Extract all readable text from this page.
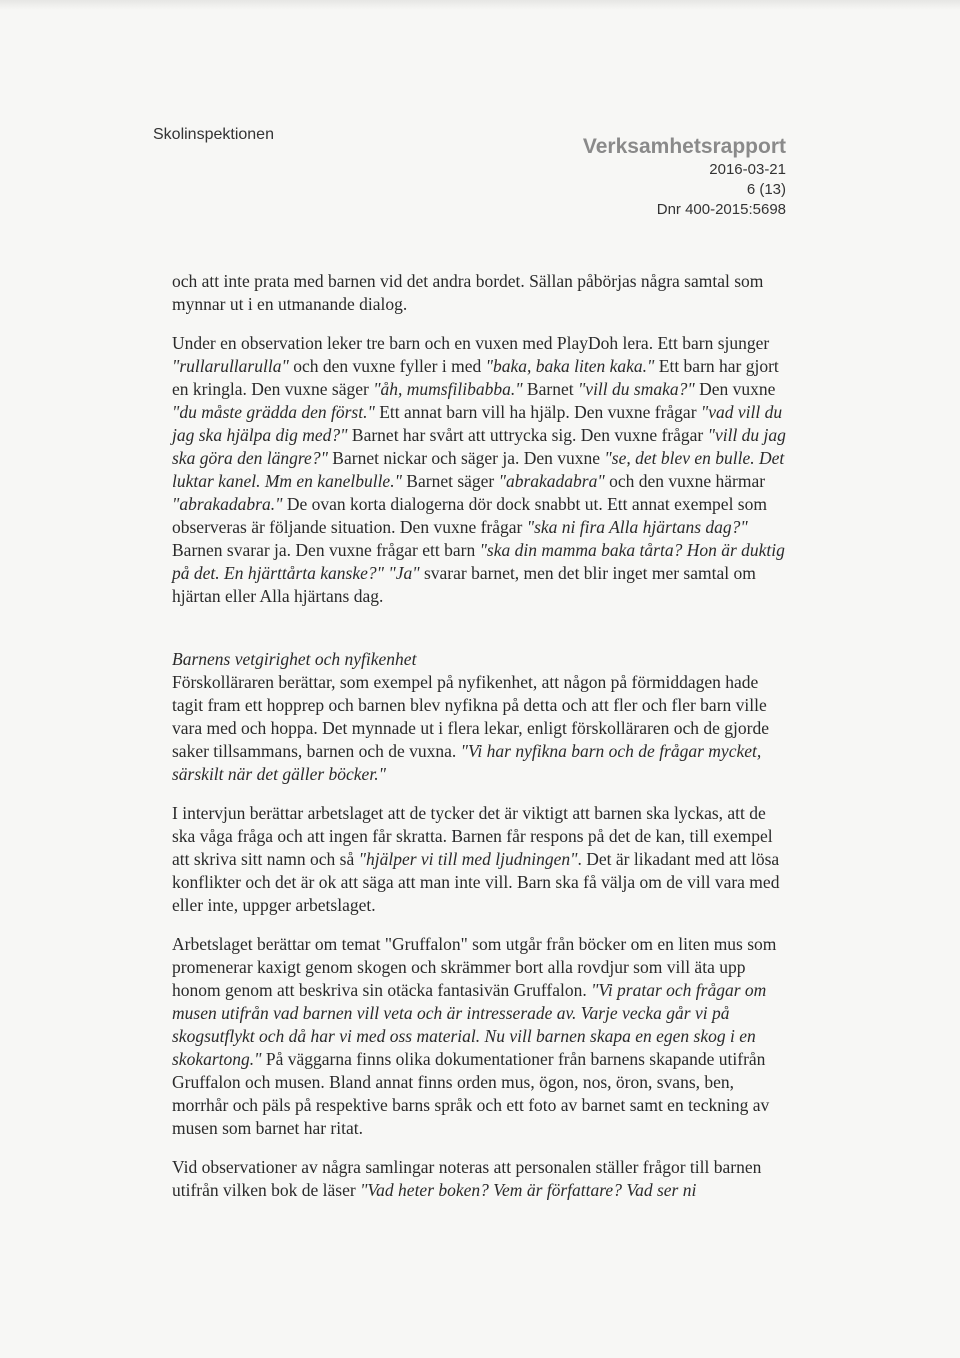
Skolinspektionen
Verksamhetsrapport
2016-03-21
6 (13)
Dnr 400-2015:5698

och att inte prata med barnen vid det andra bordet. Sällan påbörjas några samtal som mynnar ut i en utmanande dialog.

Under en observation leker tre barn och en vuxen med PlayDoh lera. Ett barn sjunger "rullarullarulla" och den vuxne fyller i med "baka, baka liten kaka." Ett barn har gjort en kringla. Den vuxne säger "åh, mumsfilibabba." Barnet "vill du smaka?" Den vuxne "du måste grädda den först." Ett annat barn vill ha hjälp. Den vuxne frågar "vad vill du jag ska hjälpa dig med?" Barnet har svårt att uttrycka sig. Den vuxne frågar "vill du jag ska göra den längre?" Barnet nickar och säger ja. Den vuxne "se, det blev en bulle. Det luktar kanel. Mm en kanelbulle." Barnet säger "abrakadabra" och den vuxne härmar "abrakadabra." De ovan korta dialogerna dör dock snabbt ut. Ett annat exempel som observeras är följande situation. Den vuxne frågar "ska ni fira Alla hjärtans dag?" Barnen svarar ja. Den vuxne frågar ett barn "ska din mamma baka tårta? Hon är duktig på det. En hjärttårta kanske?" "Ja" svarar barnet, men det blir inget mer samtal om hjärtan eller Alla hjärtans dag.

Barnens vetgirighet och nyfikenhet

Förskolläraren berättar, som exempel på nyfikenhet, att någon på förmiddagen hade tagit fram ett hopprep och barnen blev nyfikna på detta och att fler och fler barn ville vara med och hoppa. Det mynnade ut i flera lekar, enligt förskolläraren och de gjorde saker tillsammans, barnen och de vuxna. "Vi har nyfikna barn och de frågar mycket, särskilt när det gäller böcker."

I intervjun berättar arbetslaget att de tycker det är viktigt att barnen ska lyckas, att de ska våga fråga och att ingen får skratta. Barnen får respons på det de kan, till exempel att skriva sitt namn och så "hjälper vi till med ljudningen". Det är likadant med att lösa konflikter och det är ok att säga att man inte vill. Barn ska få välja om de vill vara med eller inte, uppger arbetslaget.

Arbetslaget berättar om temat "Gruffalon" som utgår från böcker om en liten mus som promenerar kaxigt genom skogen och skrämmer bort alla rovdjur som vill äta upp honom genom att beskriva sin otäcka fantasivän Gruffalon. "Vi pratar och frågar om musen utifrån vad barnen vill veta och är intresserade av. Varje vecka går vi på skogsutflykt och då har vi med oss material. Nu vill barnen skapa en egen skog i en skokartong." På väggarna finns olika dokumentationer från barnens skapande utifrån Gruffalon och musen. Bland annat finns orden mus, ögon, nos, öron, svans, ben, morrhår och päls på respektive barns språk och ett foto av barnet samt en teckning av musen som barnet har ritat.

Vid observationer av några samlingar noteras att personalen ställer frågor till barnen utifrån vilken bok de läser "Vad heter boken? Vem är författare? Vad ser ni
